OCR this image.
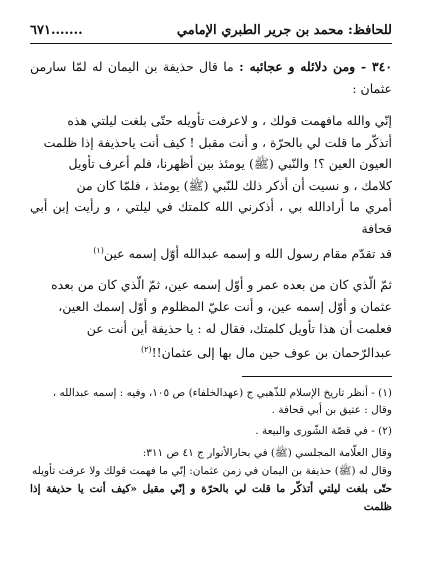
للحافظ: محمد بن جرير الطبري الإمامي
.......٦٧١
٣٤٠ - ومن دلائله و عجائبه : ما قال حذيفة بن اليمان له لمّا سارمن عثمان :

إنّي والله مافهمت قولك ، و لاعرفت تأويله حتّى بلغت ليلتي هذه
أتذكّر ما قلت لي بالحرّة ، و أنت مقبل ! كيف أنت ياحذيفة إذا ظلمت
العيون العين ؟! والنّبي (ﷺ) يومئذ بين أظهرنا، فلم أعرف تأويل
كلامك ، و نسيت أن أذكر ذلك للنّبي (ﷺ) يومئذ ، فلمّا كان من
أمري ما أرادالله بي ، أذكرني الله كلمتك في ليلتي ، و رأيت إبن أبي قحافة
قد تقدّم مقام رسول الله و إسمه عبدالله أوّل إسمه عين$^{(١)}$

ثمّ الّذي كان من بعده عمر و أوّل إسمه عين، ثمّ الّذي كان من بعده
عثمان و أوّل إسمه عين، و أنت عليّ المظلوم و أوّل إسمك العين،
فعلمت أن هذا تأويل كلمتك، فقال له : يا حذيفة أين أنت عن
عبدالرّحمان بن عوف حين مال بها إلى عثمان!!$^{(٢)}$

(١) - أنظر تاريخ الإسلام للذّهبي ج (عهدالخلفاء) ص ١٠٥، وفيه : إسمه عبدالله ، وقال : عتيق بن أبي قحافة .
(٢) - في قصّة الشّورى والبيعة .
وقال العلّامة المجلسي (ﷺ) في بحارالأنوار ج ٤١ ص ٣١١:
وقال له (ﷺ) حذيفة بن اليمان في زمن عثمان: إنّي ما فهمت قولك ولا عرفت تأويله
حتّى بلغت ليلتي أتذكّر ما قلت لي بالحرّة و إنّي مقبل «كيف أنت يا حذيفة إذا ظلمت
